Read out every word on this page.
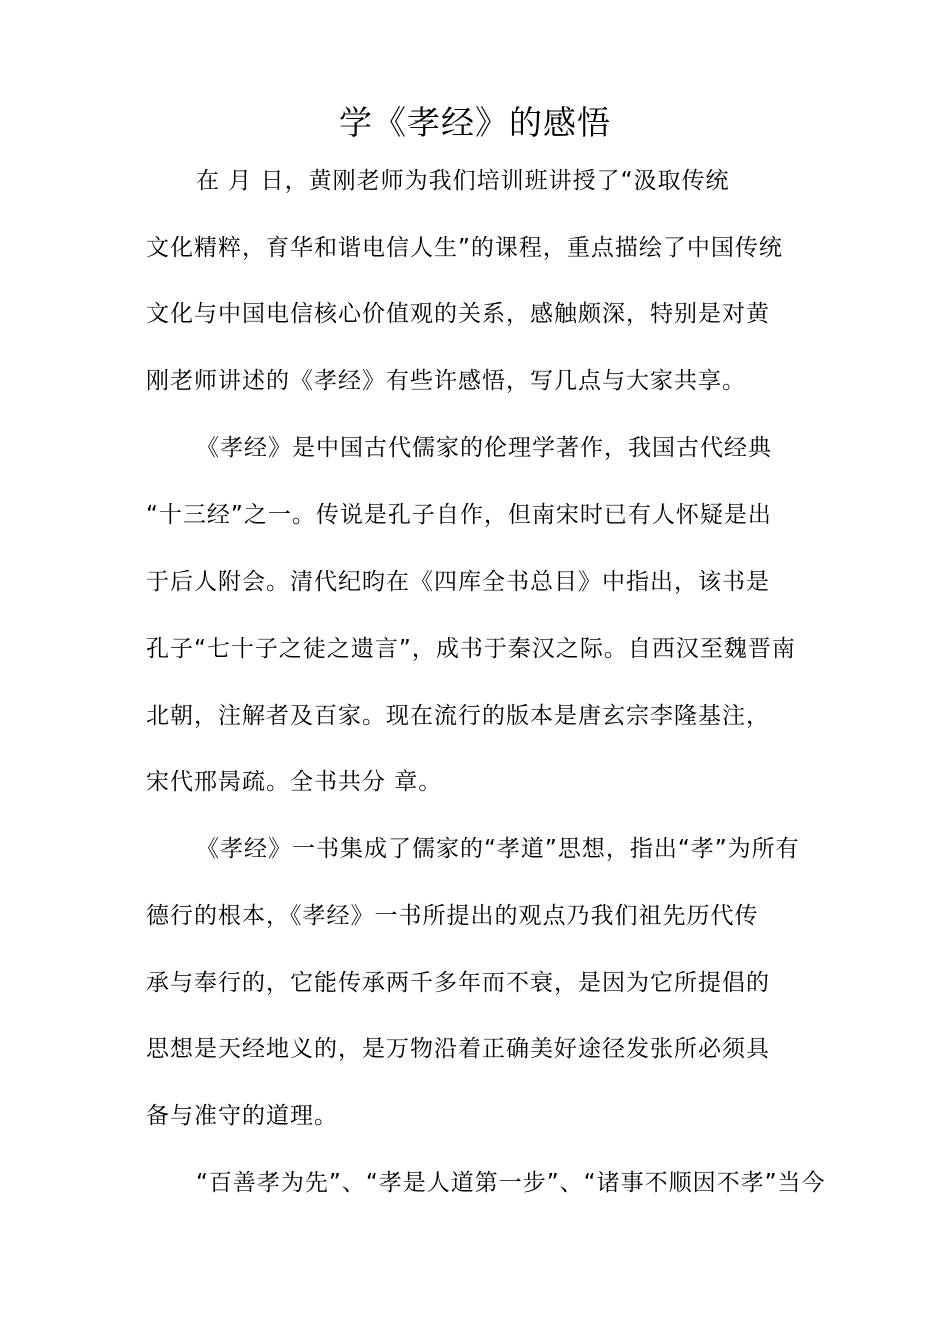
学《孝经》的感悟
在 月 日，黄刚老师为我们培训班讲授了“汲取传统
文化精粹，育华和谐电信人生”的课程，重点描绘了中国传统
文化与中国电信核心价值观的关系，感触颇深，特别是对黄
刚老师讲述的《孝经》有些许感悟，写几点与大家共享。
《孝经》是中国古代儒家的伦理学著作，我国古代经典
“十三经”之一。传说是孔子自作，但南宋时已有人怀疑是出
于后人附会。清代纪昀在《四库全书总目》中指出，该书是
孔子“七十子之徒之遗言”，成书于秦汉之际。自西汉至魏晋南
北朝，注解者及百家。现在流行的版本是唐玄宗李隆基注，
宋代邢昺疏。全书共分 章。
《孝经》一书集成了儒家的“孝道”思想，指出“孝”为所有
德行的根本，《孝经》一书所提出的观点乃我们祖先历代传
承与奉行的，它能传承两千多年而不衰，是因为它所提倡的
思想是天经地义的，是万物沿着正确美好途径发张所必须具
备与准守的道理。
“百善孝为先”、“孝是人道第一步”、“诸事不顺因不孝”当今
